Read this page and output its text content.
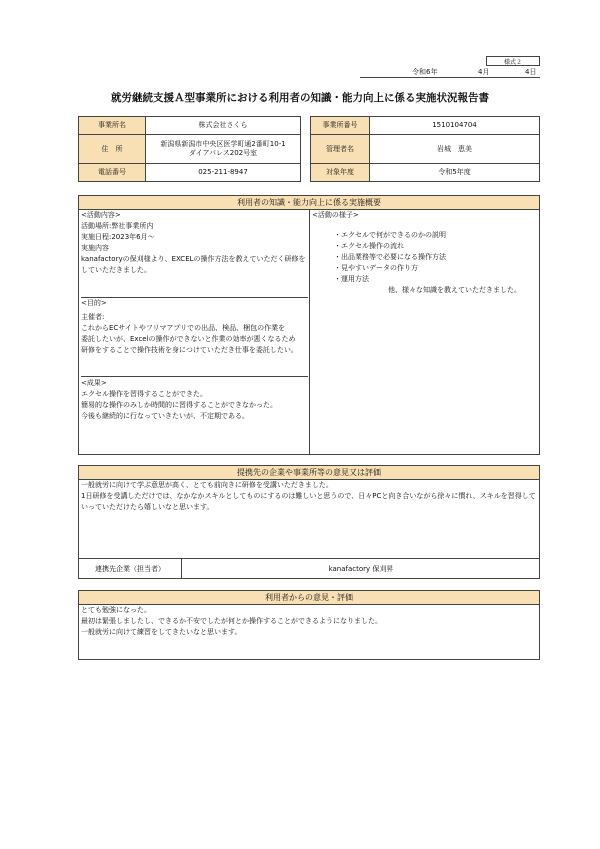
様式２
令和6年	4月	4日
就労継続支援Ａ型事業所における利用者の知識・能力向上に係る実施状況報告書
事業所名	株式会社さくら
住　所	新潟県新潟市中央区医学町通2番町10-1
ダイアパレス202号室

電話番号	025-211-8947
事業所番号	1510104704
管理者名	岩城　恵美
対象年度	令和5年度
利用者の知識・能力向上に係る実施概要

<活動内容>

活動場所:弊社事業所内

実施日程:2023年6月～

実施内容

kanafactoryの保刈様より、EXCELの操作方法を教えていただく研修を

していただきました。

<目的>

主催者:

これからECサイトやフリマアプリでの出品、検品、梱包の作業を

委託したいが、Excelの操作ができないと作業の効率が悪くなるため

研修をすることで操作技術を身につけていただき仕事を委託したい。

<成果>

エクセル操作を習得することができた。

簡易的な操作のみしか時間的に習得することができなかった。

今後も継続的に行なっていきたいが、不定期である。

<活動の様子>

・エクセルで何ができるのかの説明

・エクセル操作の流れ

・出品業務等で必要になる操作方法

・見やすいデータの作り方

・運用方法

他、様々な知識を教えていただきました。

提携先の企業や事業所等の意見又は評価

一般就労に向けて学ぶ意思が高く、とても前向きに研修を受講いただきました。

1日研修を受講しただけでは、なかなかスキルとしてものにするのは難しいと思うので、日々PCと向き合いながら徐々に慣れ、スキルを習得して

いっていただけたら嬉しいなと思います。

連携先企業（担当者）	kanafactory 保刈昇
利用者からの意見・評価

とても勉強になった。

最初は緊張しましたし、できるか不安でしたが何とか操作することができるようになりました。

一般就労に向けて練習をしてきたいなと思います。
